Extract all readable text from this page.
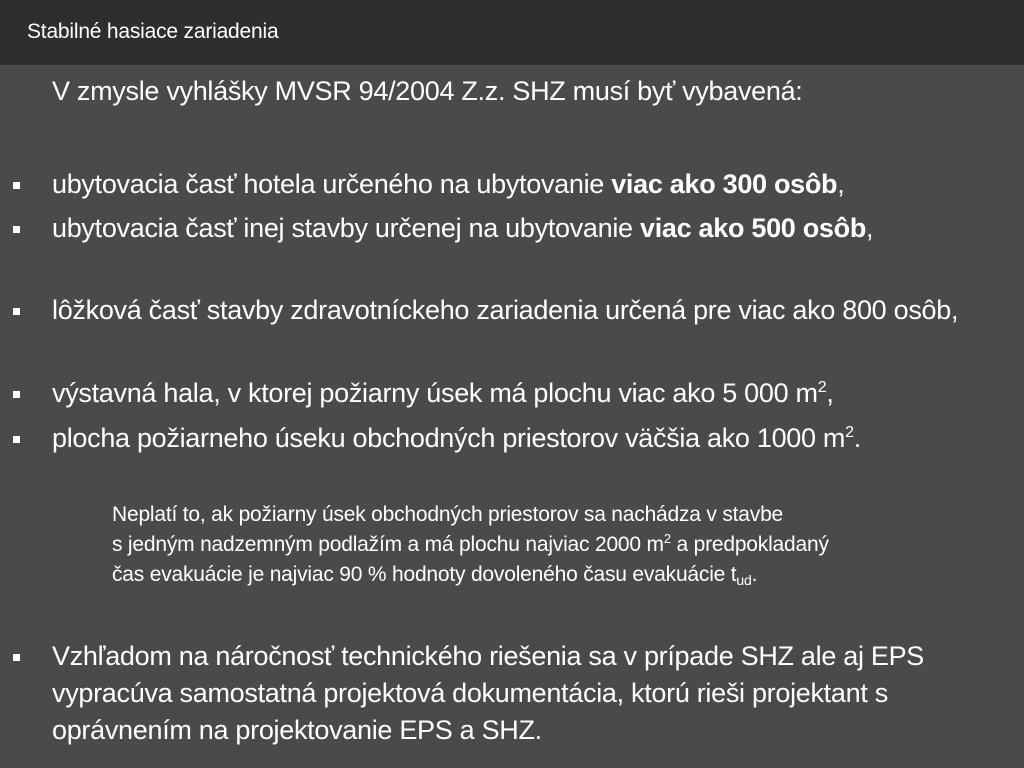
Stabilné hasiace zariadenia
V zmysle vyhlášky MVSR 94/2004 Z.z. SHZ musí byť vybavená:
ubytovacia časť hotela určeného na ubytovanie viac ako 300 osôb,
ubytovacia časť inej stavby určenej na ubytovanie viac ako 500 osôb,
lôžková časť stavby zdravotníckeho zariadenia určená pre viac ako 800 osôb,
výstavná hala, v ktorej požiarny úsek má plochu viac ako 5 000 $m^2$,
plocha požiarneho úseku obchodných priestorov väčšia ako 1000 $m^2$.
Neplatí to, ak požiarny úsek obchodných priestorov sa nachádza v stavbe
s jedným nadzemným podlažím a má plochu najviac 2000 $m^2$ a predpokladaný
čas evakuácie je najviac 90 % hodnoty dovoleného času evakuácie $t_{ud}$.
Vzhľadom na náročnosť technického riešenia sa v prípade SHZ ale aj EPS vypracúva samostatná projektová dokumentácia, ktorú rieši projektant s oprávnením na projektovanie EPS a SHZ.
